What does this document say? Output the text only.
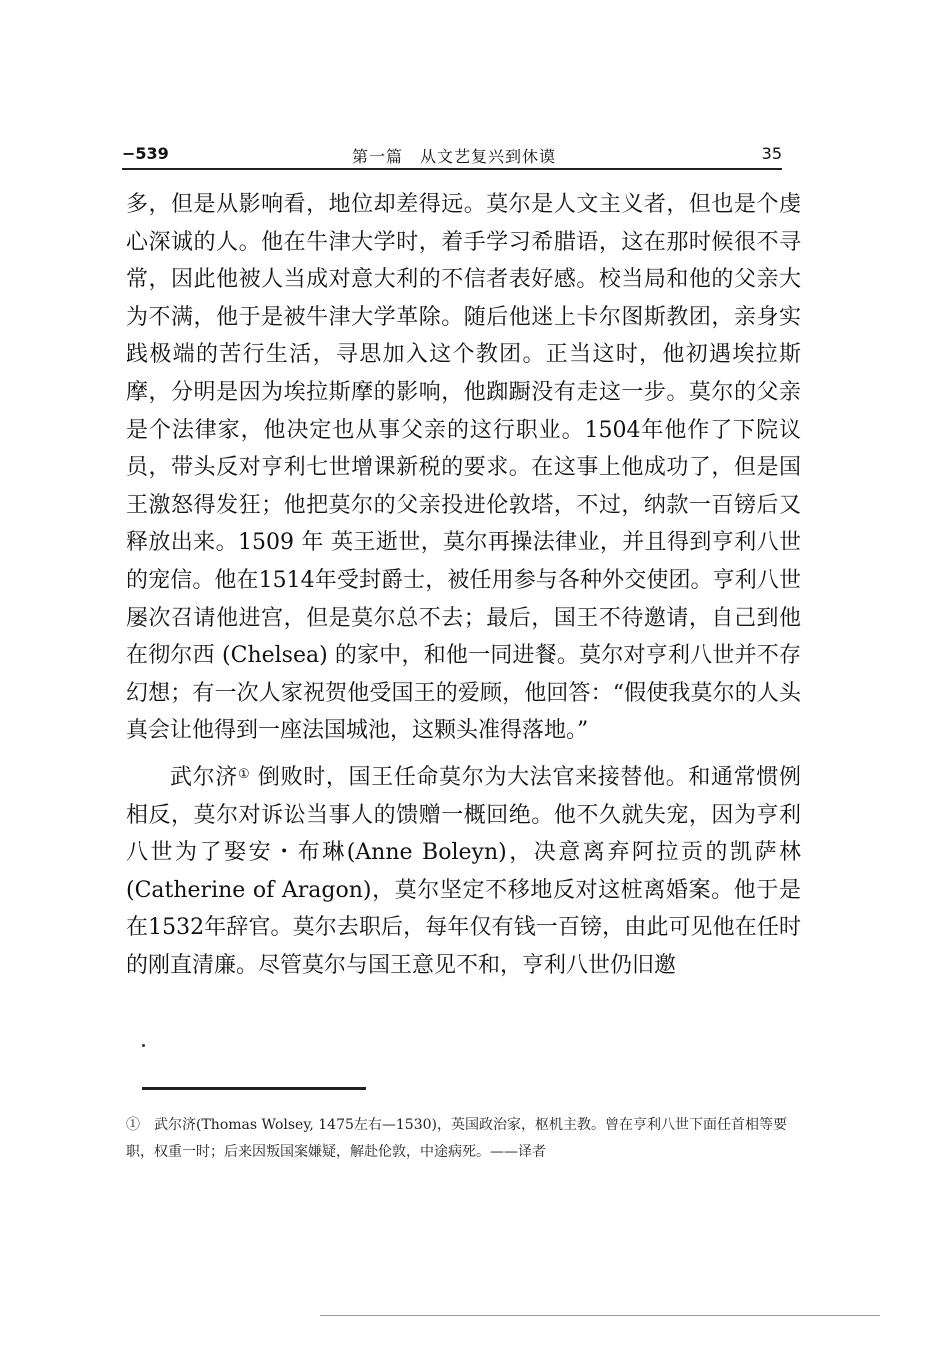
−539	第一篇　从文艺复兴到休谟	35

多，但是从影响看，地位却差得远。莫尔是人文主义者，但也是个虔心深诚的人。他在牛津大学时，着手学习希腊语，这在那时候很不寻常，因此他被人当成对意大利的不信者表好感。校当局和他的父亲大为不满，他于是被牛津大学革除。随后他迷上卡尔图斯教团，亲身实践极端的苦行生活，寻思加入这个教团。正当这时，他初遇埃拉斯摩，分明是因为埃拉斯摩的影响，他踟蹰没有走这一步。莫尔的父亲是个法律家，他决定也从事父亲的这行职业。1504年他作了下院议员，带头反对亨利七世增课新税的要求。在这事上他成功了，但是国王激怒得发狂；他把莫尔的父亲投进伦敦塔，不过，纳款一百镑后又释放出来。1509 年 英王逝世，莫尔再操法律业，并且得到亨利八世的宠信。他在1514年受封爵士，被任用参与各种外交使团。亨利八世屡次召请他进宫，但是莫尔总不去；最后，国王不待邀请，自己到他在彻尔西 (Chelsea) 的家中，和他一同进餐。莫尔对亨利八世并不存幻想；有一次人家祝贺他受国王的爱顾，他回答：“假使我莫尔的人头真会让他得到一座法国城池，这颗头准得落地。”

武尔济① 倒败时，国王任命莫尔为大法官来接替他。和通常惯例相反，莫尔对诉讼当事人的馈赠一概回绝。他不久就失宠，因为亨利八世为了娶安・布琳(Anne Boleyn)，决意离弃阿拉贡的凯萨林(Catherine of Aragon)，莫尔坚定不移地反对这桩离婚案。他于是在1532年辞官。莫尔去职后，每年仅有钱一百镑，由此可见他在任时的刚直清廉。尽管莫尔与国王意见不和，亨利八世仍旧邀

①　武尔济(Thomas Wolsey, 1475左右—1530)，英国政治家，枢机主教。曾在亨利八世下面任首相等要职，权重一时；后来因叛国案嫌疑，解赴伦敦，中途病死。——译者
